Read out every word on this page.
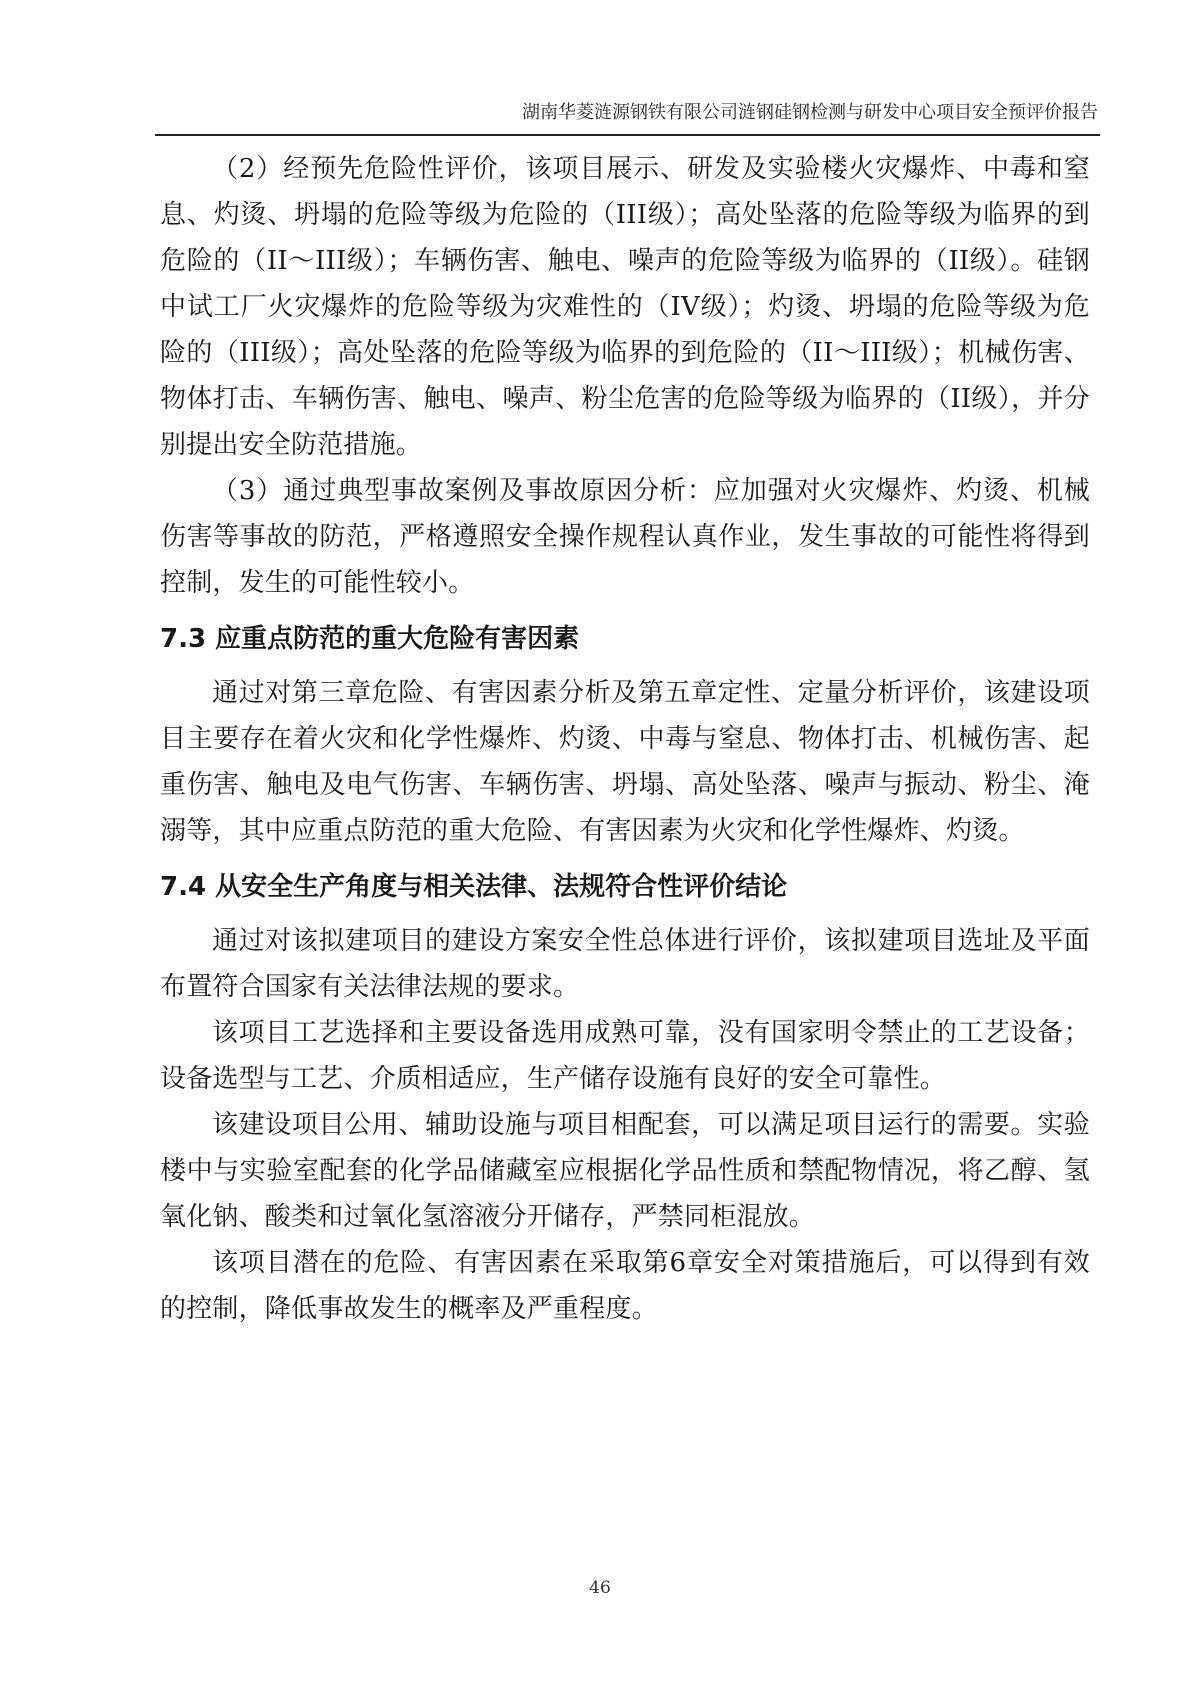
湖南华菱涟源钢铁有限公司涟钢硅钢检测与研发中心项目安全预评价报告

（2）经预先危险性评价，该项目展示、研发及实验楼火灾爆炸、中毒和窒息、灼烫、坍塌的危险等级为危险的（III级）；高处坠落的危险等级为临界的到危险的（II～III级）；车辆伤害、触电、噪声的危险等级为临界的（II级）。硅钢中试工厂火灾爆炸的危险等级为灾难性的（IV级）；灼烫、坍塌的危险等级为危险的（III级）；高处坠落的危险等级为临界的到危险的（II～III级）；机械伤害、物体打击、车辆伤害、触电、噪声、粉尘危害的危险等级为临界的（II级），并分别提出安全防范措施。

（3）通过典型事故案例及事故原因分析：应加强对火灾爆炸、灼烫、机械伤害等事故的防范，严格遵照安全操作规程认真作业，发生事故的可能性将得到控制，发生的可能性较小。

7.3 应重点防范的重大危险有害因素

通过对第三章危险、有害因素分析及第五章定性、定量分析评价，该建设项目主要存在着火灾和化学性爆炸、灼烫、中毒与窒息、物体打击、机械伤害、起重伤害、触电及电气伤害、车辆伤害、坍塌、高处坠落、噪声与振动、粉尘、淹溺等，其中应重点防范的重大危险、有害因素为火灾和化学性爆炸、灼烫。

7.4 从安全生产角度与相关法律、法规符合性评价结论

通过对该拟建项目的建设方案安全性总体进行评价，该拟建项目选址及平面布置符合国家有关法律法规的要求。

该项目工艺选择和主要设备选用成熟可靠，没有国家明令禁止的工艺设备；设备选型与工艺、介质相适应，生产储存设施有良好的安全可靠性。

该建设项目公用、辅助设施与项目相配套，可以满足项目运行的需要。实验楼中与实验室配套的化学品储藏室应根据化学品性质和禁配物情况，将乙醇、氢氧化钠、酸类和过氧化氢溶液分开储存，严禁同柜混放。

该项目潜在的危险、有害因素在采取第6章安全对策措施后，可以得到有效的控制，降低事故发生的概率及严重程度。

46
